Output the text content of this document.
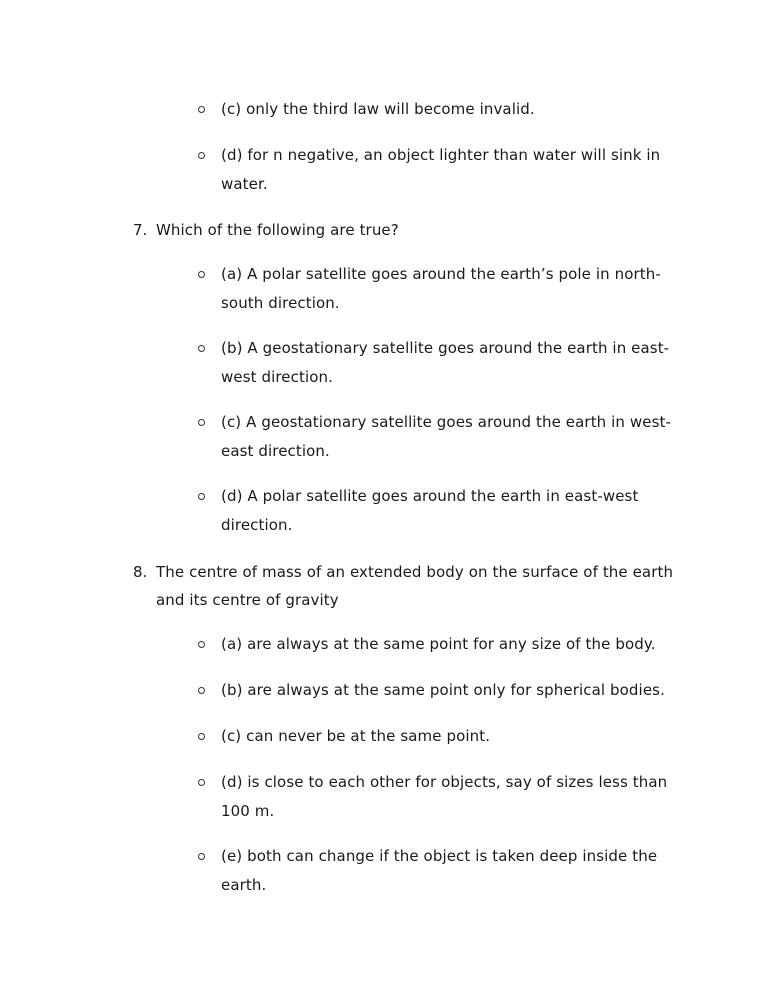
(c) only the third law will become invalid.
(d) for n negative, an object lighter than water will sink in
water.
7. Which of the following are true?
(a) A polar satellite goes around the earth’s pole in north-
south direction.
(b) A geostationary satellite goes around the earth in east-
west direction.
(c) A geostationary satellite goes around the earth in west-
east direction.
(d) A polar satellite goes around the earth in east-west
direction.
8. The centre of mass of an extended body on the surface of the earth
and its centre of gravity
(a) are always at the same point for any size of the body.
(b) are always at the same point only for spherical bodies.
(c) can never be at the same point.
(d) is close to each other for objects, say of sizes less than
100 m.
(e) both can change if the object is taken deep inside the
earth.
